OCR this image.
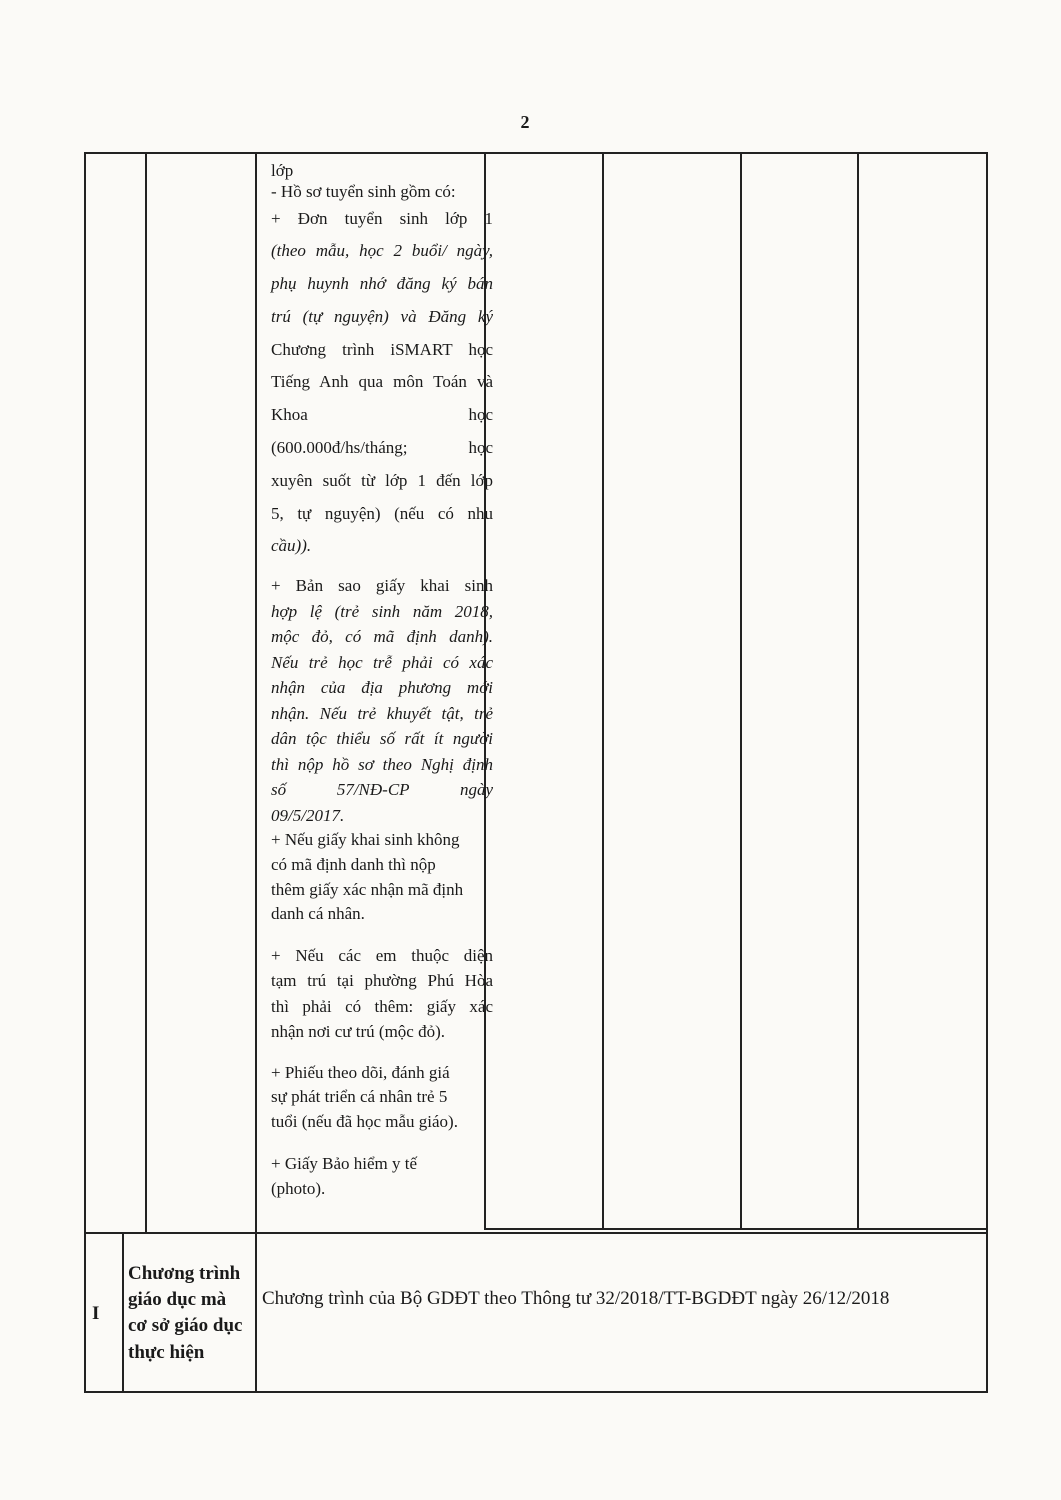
2

lớp

- Hồ sơ tuyển sinh gồm có:

+ Đơn tuyển sinh lớp 1

(theo mẫu, học 2 buổi/ ngày,

phụ huynh nhớ đăng ký bán

trú (tự nguyện) và Đăng ký

Chương trình iSMART học

Tiếng Anh qua môn Toán và

Khoa học

(600.000đ/hs/tháng; học

xuyên suốt từ lớp 1 đến lớp

5, tự nguyện) (nếu có nhu

cầu)).

+ Bản sao giấy khai sinh

hợp lệ (trẻ sinh năm 2018,

mộc đỏ, có mã định danh).

Nếu trẻ học trễ phải có xác

nhận của địa phương mới

nhận. Nếu trẻ khuyết tật, trẻ

dân tộc thiểu số rất ít người

thì nộp hồ sơ theo Nghị định

số 57/NĐ-CP ngày

09/5/2017.

+ Nếu giấy khai sinh không

có mã định danh thì nộp

thêm giấy xác nhận mã định

danh cá nhân.

+ Nếu các em thuộc diện

tạm trú tại phường Phú Hòa

thì phải có thêm: giấy xác

nhận nơi cư trú (mộc đỏ).

+ Phiếu theo dõi, đánh giá

sự phát triển cá nhân trẻ 5

tuổi (nếu đã học mẫu giáo).

+ Giấy Bảo hiểm y tế

(photo).

I
Chương trình
giáo dục mà
cơ sở giáo dục
thực hiện
Chương trình của Bộ GDĐT theo Thông tư 32/2018/TT-BGDĐT ngày 26/12/2018
